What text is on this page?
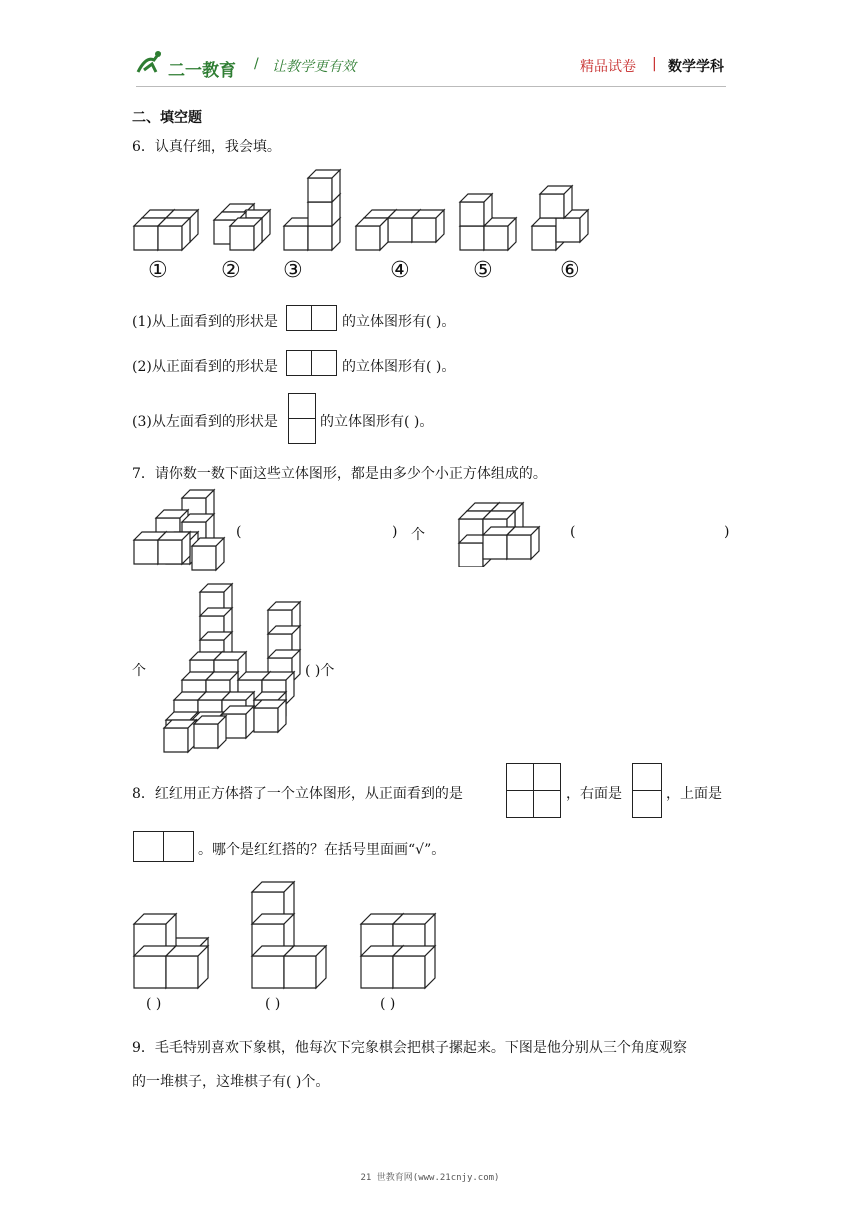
二一教育 / 让教学更有效	精品试卷 | 数学学科
二、填空题
6．认真仔细，我会填。
① ② ③	④	⑤	⑥
(1)从上面看到的形状是	的立体图形有( )。
(2)从正面看到的形状是	的立体图形有( )。
(3)从左面看到的形状是	的立体图形有( )。
7．请你数一数下面这些立体图形，都是由多少个小正方体组成的。
(	) 个	(	)
个	( )个
8．红红用正方体搭了一个立体图形，从正面看到的是	，右面是	，上面是
。哪个是红红搭的？在括号里面画“√”。
( )	( )	( )
9．毛毛特别喜欢下象棋，他每次下完象棋会把棋子摞起来。下图是他分别从三个角度观察
的一堆棋子，这堆棋子有( )个。
21 世教育网(www.21cnjy.com)
